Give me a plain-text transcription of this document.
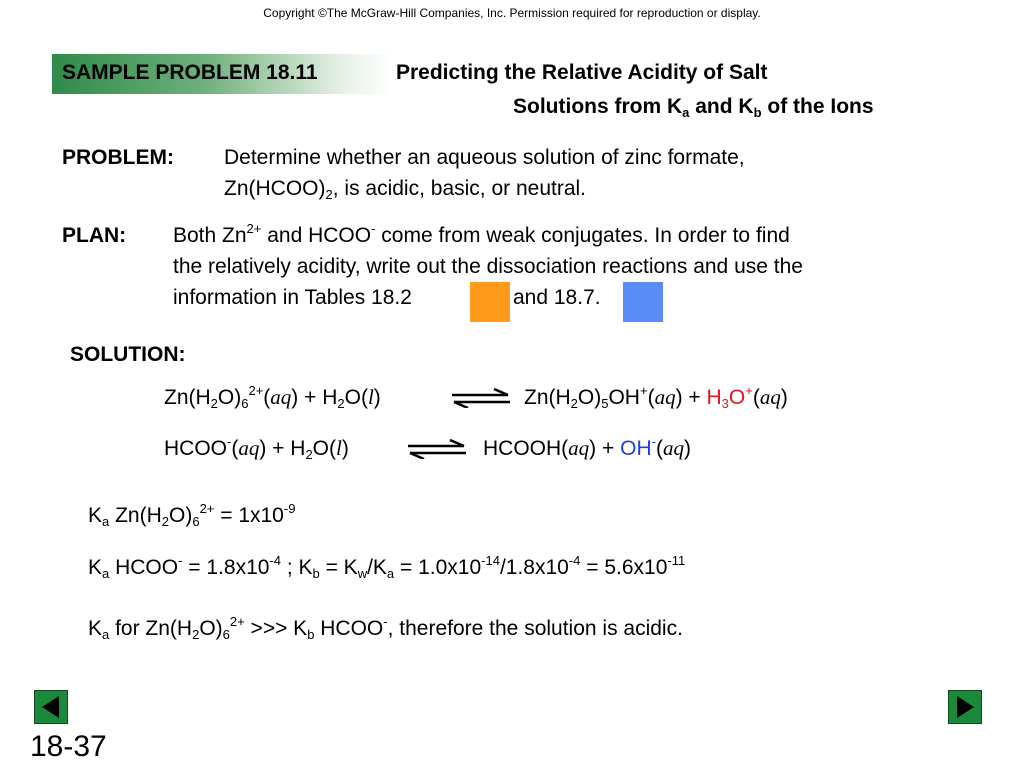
Copyright ©The McGraw-Hill Companies, Inc. Permission required for reproduction or display.
SAMPLE PROBLEM 18.11	Predicting the Relative Acidity of Salt
Solutions from $K_a$ and $K_b$ of the Ions
PROBLEM: Determine whether an aqueous solution of zinc formate,
$Zn(HCOO)_2$, is acidic, basic, or neutral.
PLAN: Both $Zn^{2+}$ and HCOO- come from weak conjugates. In order to find
the relatively acidity, write out the dissociation reactions and use the
information in Tables 18.2	and 18.7.
SOLUTION:
$Zn(H_2O)_6^{2+}(aq) + H_2O(l)$	⇌ $Zn(H_2O)_5OH^+(aq) + H_3O^+(aq)$
HCOO-(aq) + $H_2O(l)$	⇌ HCOOH(aq) + OH-(aq)
$K_a$ $Zn(H_2O)_6^{2+} = 1x10^{-9}$
$K_a$ HCOO- = $1.8x10^{-4}$ ; $K_b = K_w/K_a = 1.0x10^{-14}/1.8x10^{-4} = 5.6x10^{-11}$
$K_a$ for $Zn(H_2O)_6^{2+}$ >>> $K_b$ HCOO-, therefore the solution is acidic.
18-37
